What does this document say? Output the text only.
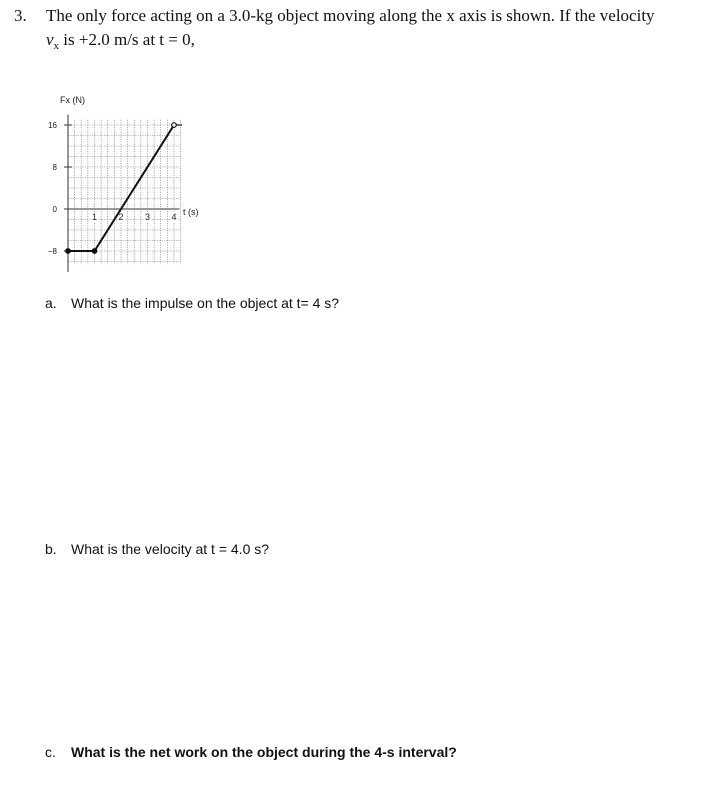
3. The only force acting on a 3.0-kg object moving along the x axis is shown. If the velocity
$v_x$ is +2.0 m/s at t = 0,
16
8
0
−8
1 2 3 4
Fx (N)
t (s)
a. What is the impulse on the object at t= 4 s?
b. What is the velocity at t = 4.0 s?
c. What is the net work on the object during the 4-s interval?
